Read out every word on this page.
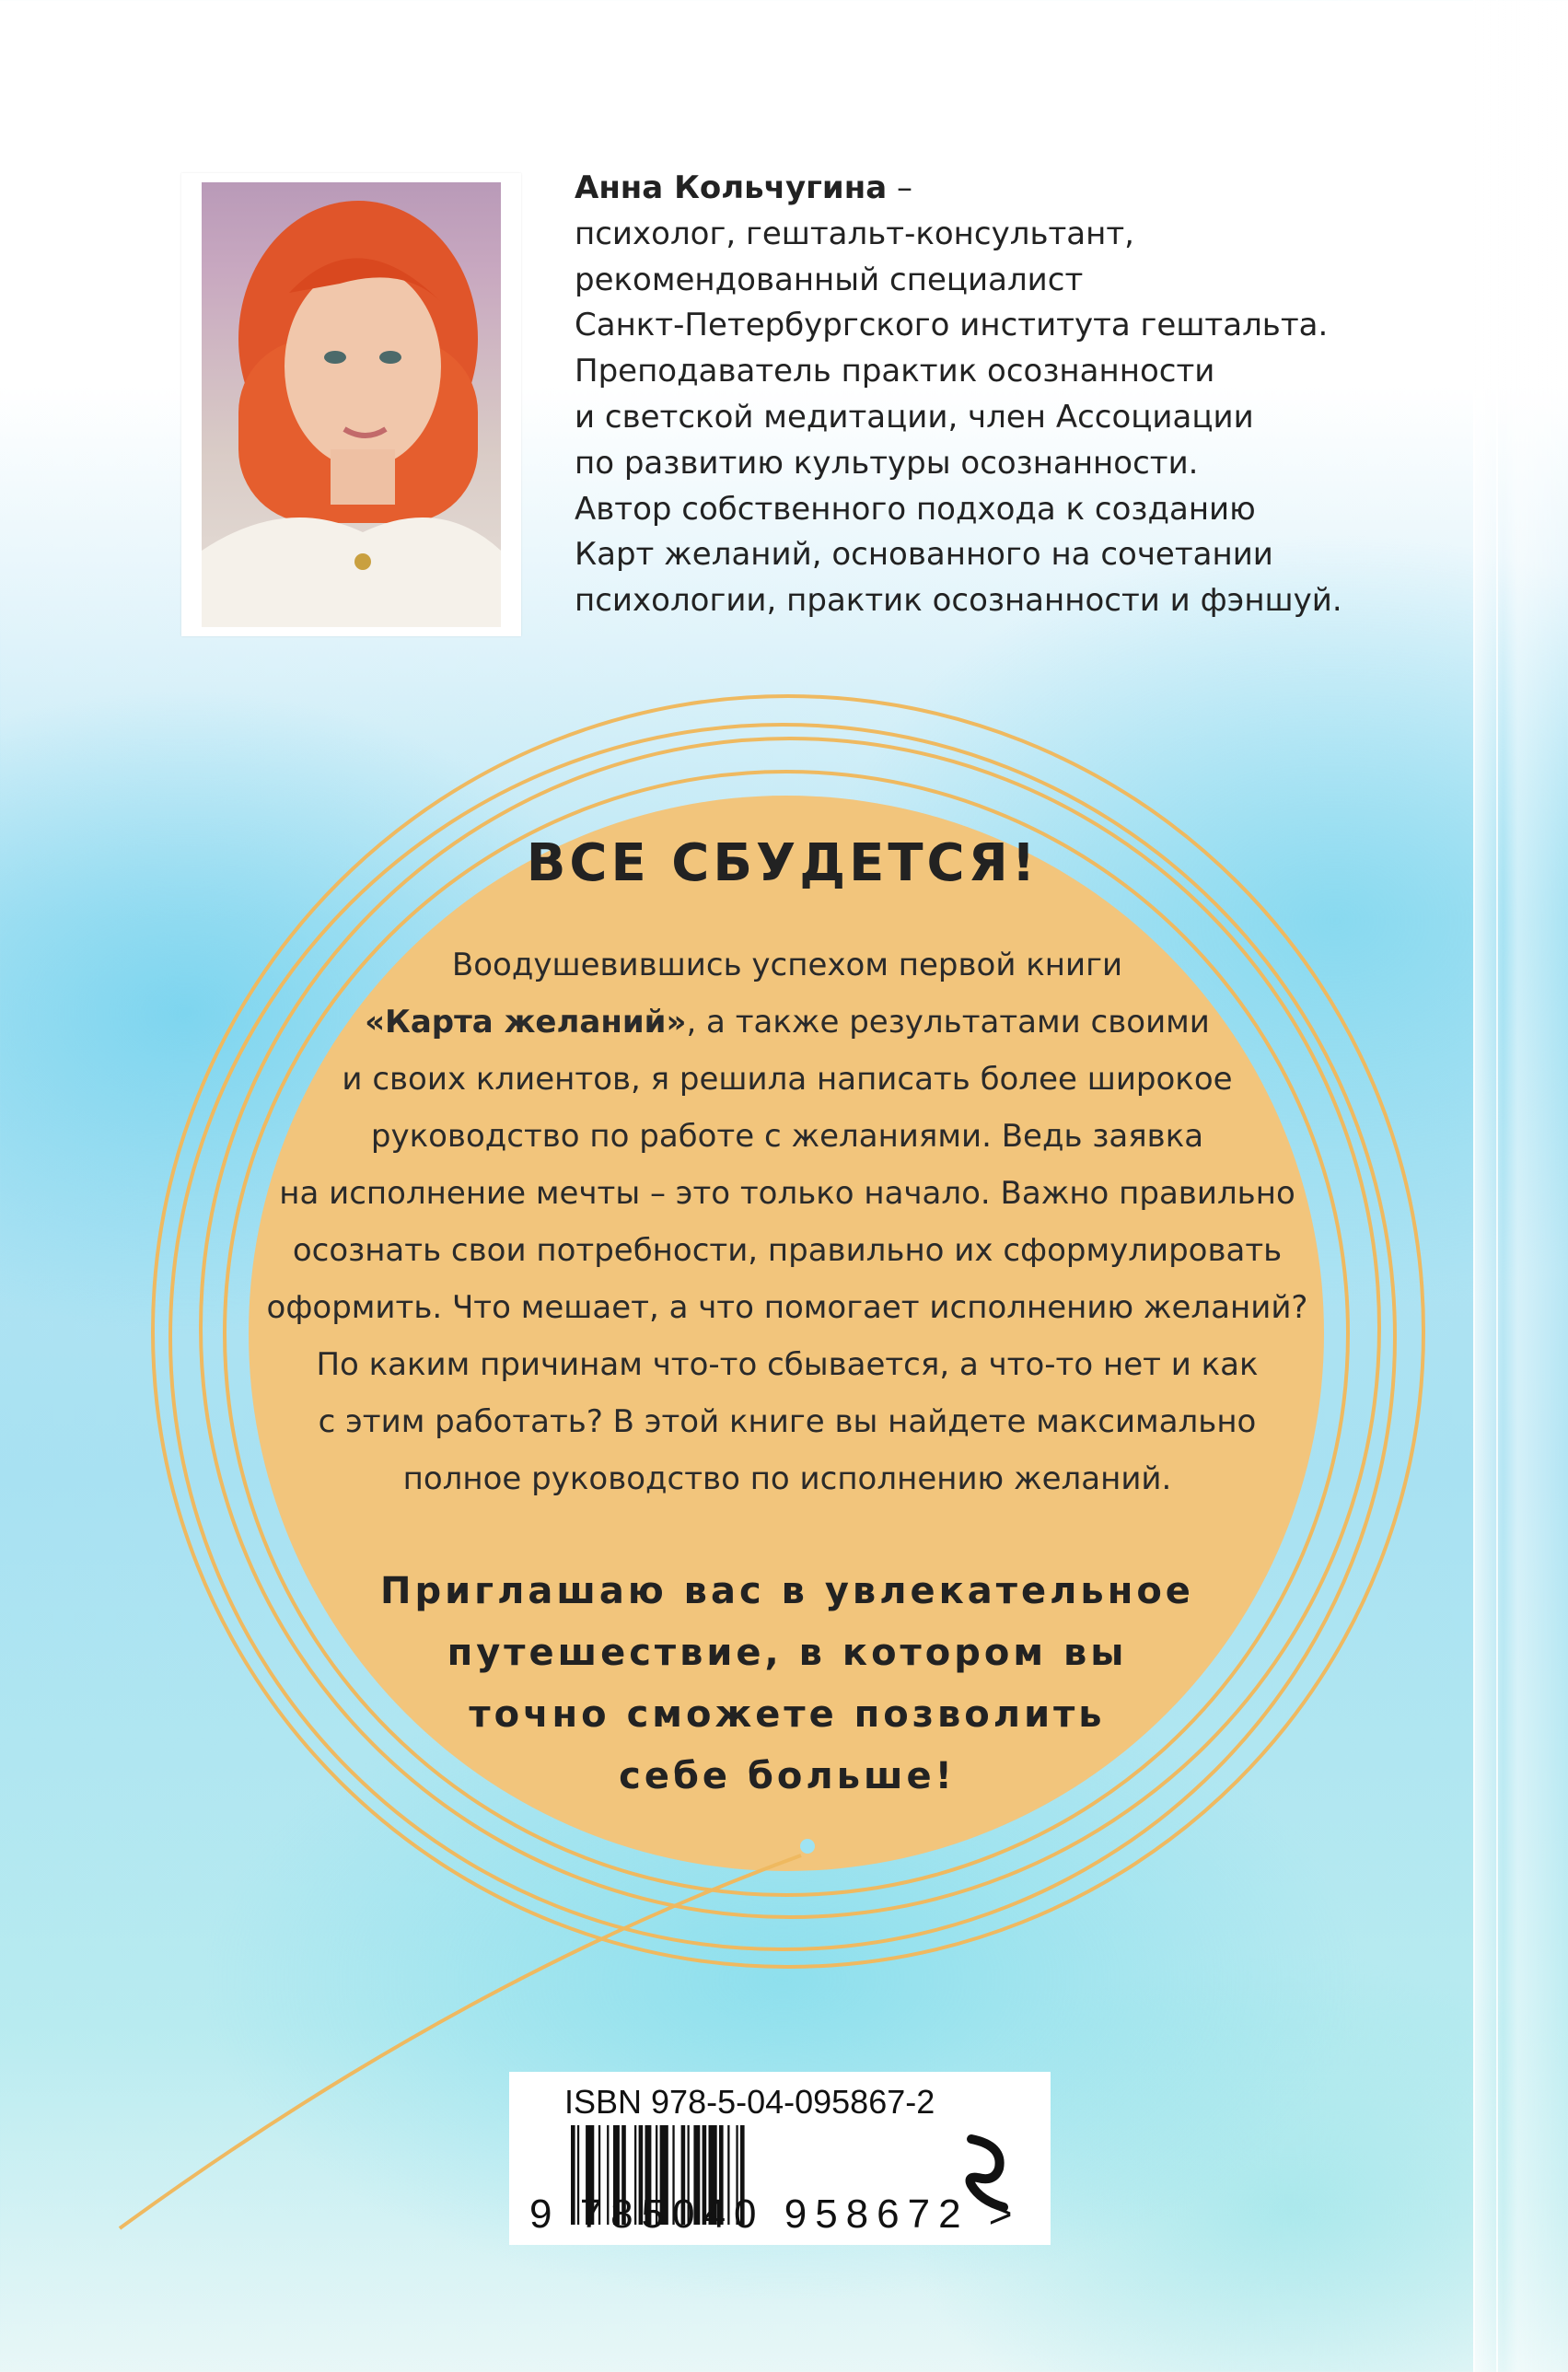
Анна Кольчугина –
психолог, гештальт-консультант,
рекомендованный специалист
Санкт-Петербургского института гештальта.
Преподаватель практик осознанности
и светской медитации, член Ассоциации
по развитию культуры осознанности.
Автор собственного подхода к созданию
Карт желаний, основанного на сочетании
психологии, практик осознанности и фэншуй.
ВСЕ СБУДЕТСЯ!
Воодушевившись успехом первой книги
«Карта желаний», а также результатами своими
и своих клиентов, я решила написать более широкое
руководство по работе с желаниями. Ведь заявка
на исполнение мечты – это только начало. Важно правильно
осознать свои потребности, правильно их сформулировать
оформить. Что мешает, а что помогает исполнению желаний?
По каким причинам что-то сбывается, а что-то нет и как
с этим работать? В этой книге вы найдете максимально
полное руководство по исполнению желаний.
Приглашаю вас в увлекательное
путешествие, в котором вы
точно сможете позволить
себе больше!
ISBN 978-5-04-095867-2
9 785040 958672 >
